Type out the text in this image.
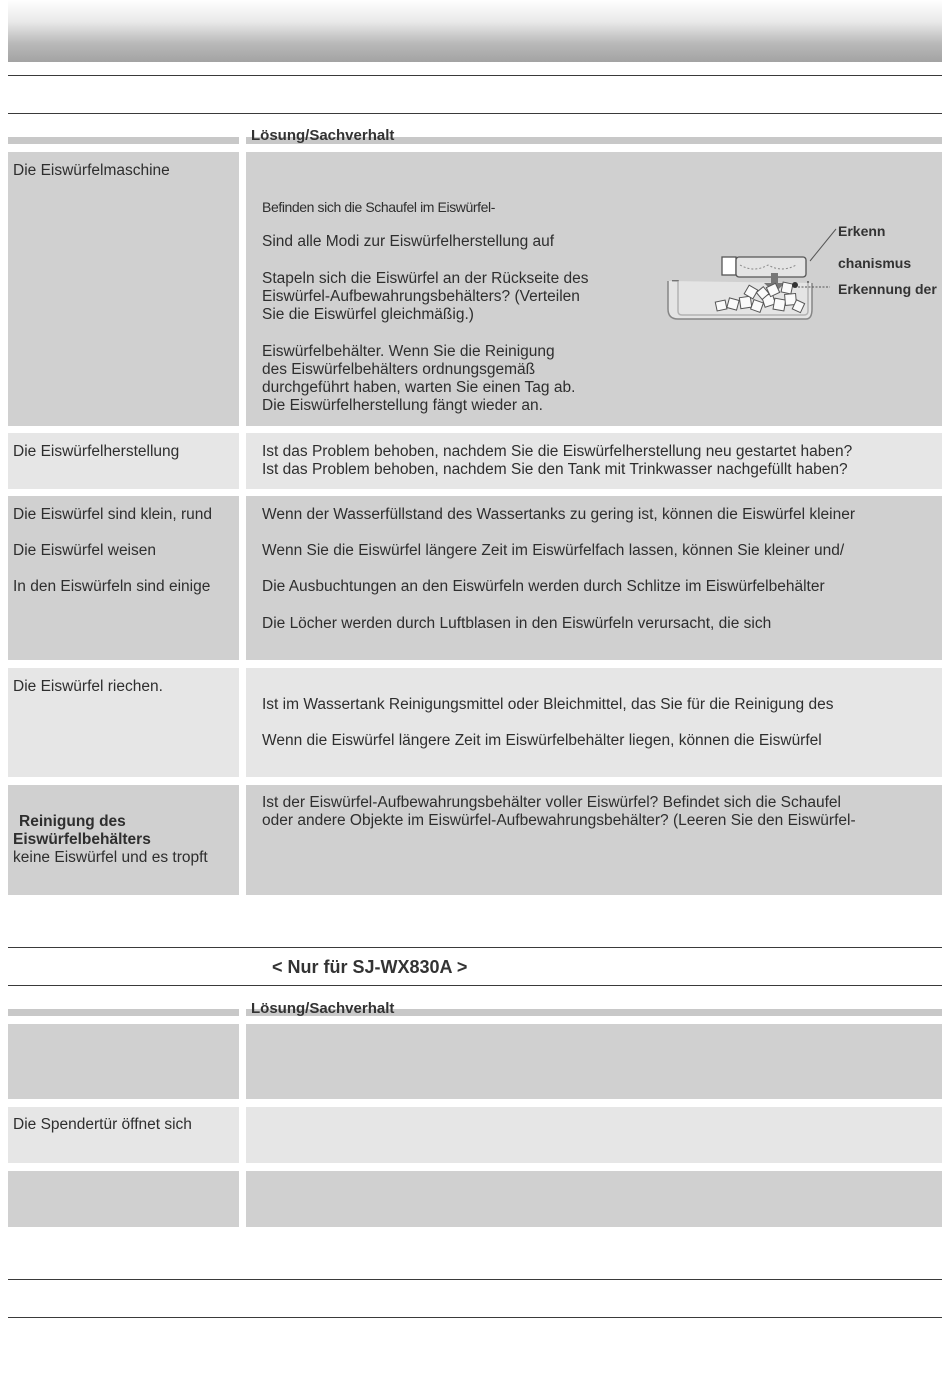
Lösung/Sachverhalt
Die Eiswürfelmaschine
Befinden sich die Schaufel im Eiswürfel-
Sind alle Modi zur Eiswürfelherstellung auf
Stapeln sich die Eiswürfel an der Rückseite des
Eiswürfel-Aufbewahrungsbehälters? (Verteilen
Sie die Eiswürfel gleichmäßig.)
Eiswürfelbehälter. Wenn Sie die Reinigung
des Eiswürfelbehälters ordnungsgemäß
durchgeführt haben, warten Sie einen Tag ab.
Die Eiswürfelherstellung fängt wieder an.
Erkenn
chanismus
Erkennung der
Die Eiswürfelherstellung	Ist das Problem behoben, nachdem Sie die Eiswürfelherstellung neu gestartet haben?
Ist das Problem behoben, nachdem Sie den Tank mit Trinkwasser nachgefüllt haben?
Die Eiswürfel sind klein, rund
Die Eiswürfel weisen
In den Eiswürfeln sind einige
Wenn der Wasserfüllstand des Wassertanks zu gering ist, können die Eiswürfel kleiner
Wenn Sie die Eiswürfel längere Zeit im Eiswürfelfach lassen, können Sie kleiner und/
Die Ausbuchtungen an den Eiswürfeln werden durch Schlitze im Eiswürfelbehälter
Die Löcher werden durch Luftblasen in den Eiswürfeln verursacht, die sich
Die Eiswürfel riechen.
Ist im Wassertank Reinigungsmittel oder Bleichmittel, das Sie für die Reinigung des
Wenn die Eiswürfel längere Zeit im Eiswürfelbehälter liegen, können die Eiswürfel
Reinigung des
Eiswürfelbehälters
keine Eiswürfel und es tropft
Ist der Eiswürfel-Aufbewahrungsbehälter voller Eiswürfel? Befindet sich die Schaufel
oder andere Objekte im Eiswürfel-Aufbewahrungsbehälter? (Leeren Sie den Eiswürfel-
< Nur für SJ-WX830A >
Lösung/Sachverhalt
Die Spendertür öffnet sich
